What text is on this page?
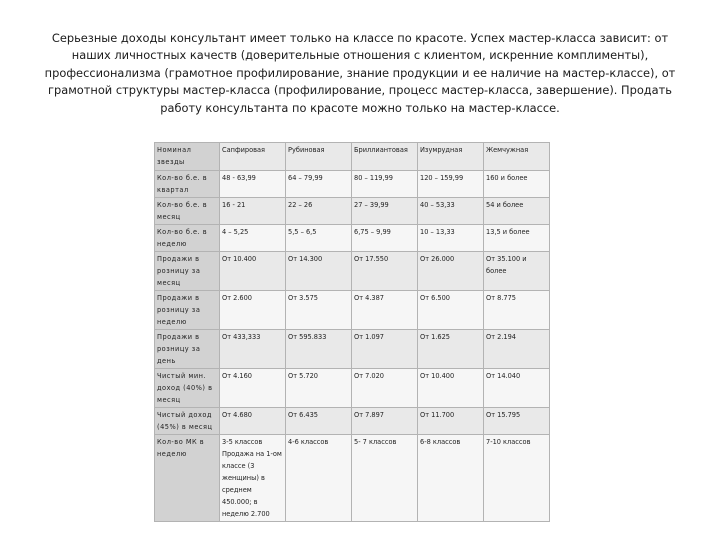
Серьезные доходы консультант имеет только на классе по красоте. Успех мастер-класса зависит: от наших личностных качеств (доверительные отношения с клиентом, искренние комплименты), профессионализма (грамотное профилирование, знание продукции и ее наличие на мастер-классе), от грамотной структуры мастер-класса (профилирование, процесс мастер-класса, завершение). Продать работу консультанта по красоте можно только на мастер-классе.
Номинал звезды	Сапфировая	Рубиновая	Бриллиантовая	Изумрудная	Жемчужная
Кол-во б.е. в квартал	48 - 63,99	64 – 79,99	80 – 119,99	120 – 159,99	160 и более
Кол-во б.е. в месяц	16 - 21	22 – 26	27 – 39,99	40 – 53,33	54 и более
Кол-во б.е. в неделю	4 – 5,25	5,5 – 6,5	6,75 – 9,99	10 – 13,33	13,5 и более
Продажи в розницу за месяц	От 10.400	От 14.300	От 17.550	От 26.000	От 35.100 и более
Продажи в розницу за неделю	От 2.600	От 3.575	От 4.387	От 6.500	От 8.775
Продажи в розницу за день	От 433,333	От 595.833	От 1.097	От 1.625	От 2.194
Чистый мин. доход (40%) в месяц	От 4.160	От 5.720	От 7.020	От 10.400	От 14.040
Чистый доход (45%) в месяц	От 4.680	От 6.435	От 7.897	От 11.700	От 15.795
Кол-во МК в неделю	3-5 классов Продажа на 1-ом классе (3 женщины) в среднем 450.000; в неделю 2.700	4-6 классов	5- 7 классов	6-8 классов	7-10 классов
